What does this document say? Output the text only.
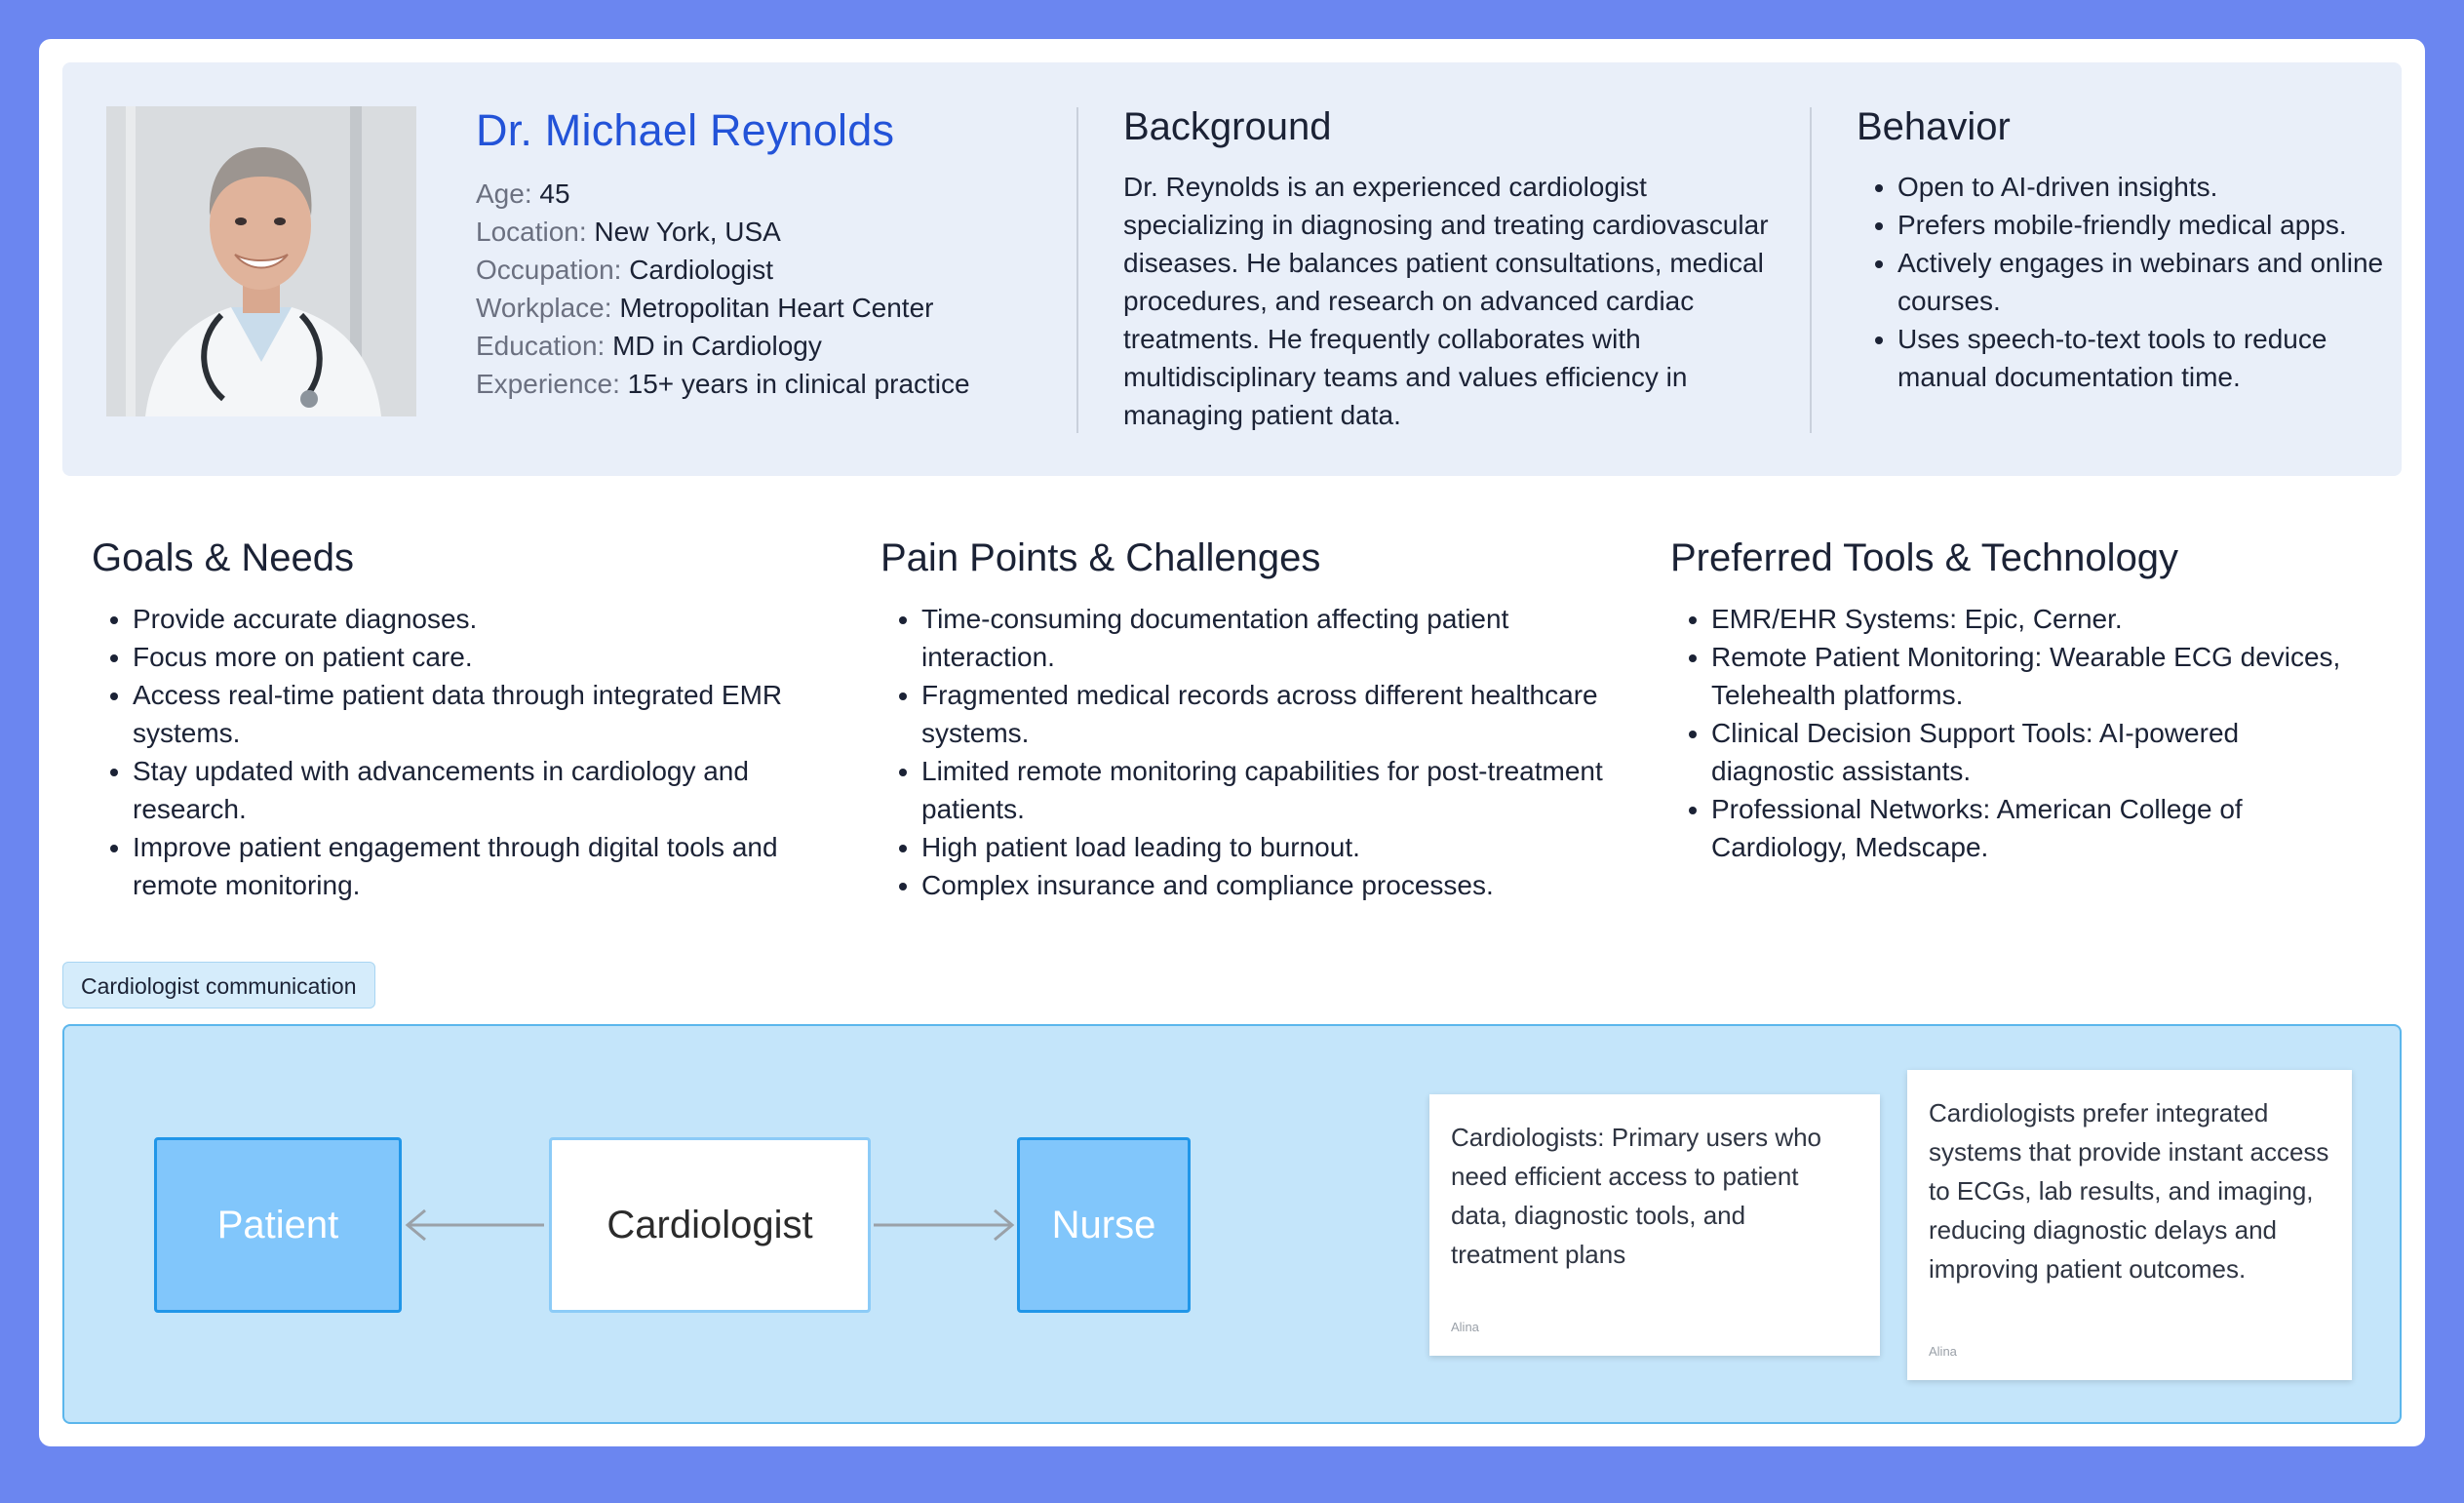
Dr. Michael Reynolds
Age: 45
Location: New York, USA
Occupation: Cardiologist
Workplace: Metropolitan Heart Center
Education: MD in Cardiology
Experience: 15+ years in clinical practice
Background

Dr. Reynolds is an experienced cardiologist specializing in diagnosing and treating cardiovascular diseases. He balances patient consultations, medical procedures, and research on advanced cardiac treatments. He frequently collaborates with multidisciplinary teams and values efficiency in managing patient data.

Behavior
• Open to AI-driven insights.
• Prefers mobile-friendly medical apps.
• Actively engages in webinars and online courses.
• Uses speech-to-text tools to reduce manual documentation time.
Goals & Needs
• Provide accurate diagnoses.
• Focus more on patient care.
• Access real-time patient data through integrated EMR systems.
• Stay updated with advancements in cardiology and research.
• Improve patient engagement through digital tools and remote monitoring.
Pain Points & Challenges
• Time-consuming documentation affecting patient interaction.
• Fragmented medical records across different healthcare systems.
• Limited remote monitoring capabilities for post-treatment patients.
• High patient load leading to burnout.
• Complex insurance and compliance processes.
Preferred Tools & Technology
• EMR/EHR Systems: Epic, Cerner.
• Remote Patient Monitoring: Wearable ECG devices, Telehealth platforms.
• Clinical Decision Support Tools: AI-powered diagnostic assistants.
• Professional Networks: American College of Cardiology, Medscape.
Cardiologist communication
Patient	Cardiologist	Nurse

Cardiologists: Primary users who need efficient access to patient data, diagnostic tools, and treatment plans

Alina

Cardiologists prefer integrated systems that provide instant access to ECGs, lab results, and imaging, reducing diagnostic delays and improving patient outcomes.

Alina
